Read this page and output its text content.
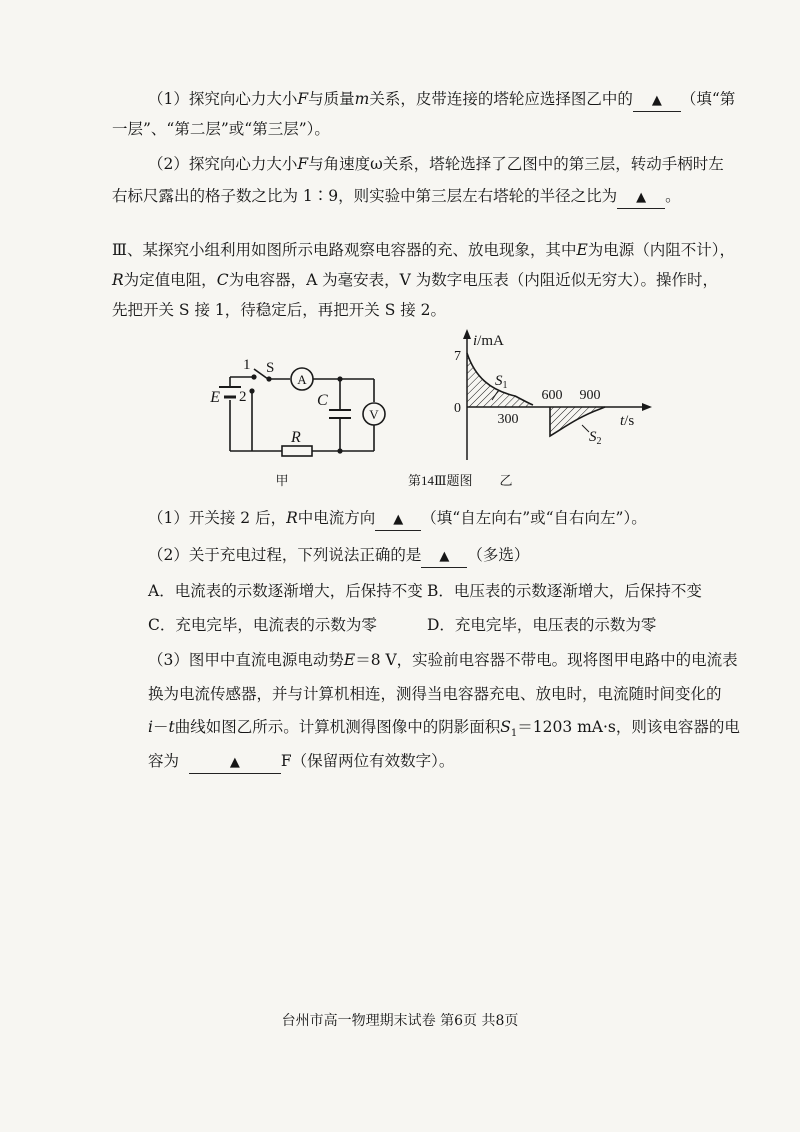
（1）探究向心力大小F与质量m关系，皮带连接的塔轮应选择图乙中的 ▲ （填“第
一层”、“第二层”或“第三层”）。
（2）探究向心力大小F与角速度ω关系，塔轮选择了乙图中的第三层，转动手柄时左
右标尺露出的格子数之比为 1∶9，则实验中第三层左右塔轮的半径之比为 ▲ 。
Ⅲ、某探究小组利用如图所示电路观察电容器的充、放电现象，其中E为电源（内阻不计），
R为定值电阻，C为电容器，A 为毫安表，V 为数字电压表（内阻近似无穷大）。操作时，
先把开关 S 接 1，待稳定后，再把开关 S 接 2。
E
1
2
S
A
V
C
R
甲	第14Ⅲ题图
i/mA
7
0
300
600 900
t/s
$S_1$
$S_2$
乙
（1）开关接 2 后，R中电流方向 ▲ （填“自左向右”或“自右向左”）。
（2）关于充电过程，下列说法正确的是 ▲ （多选）
A．电流表的示数逐渐增大，后保持不变 B．电压表的示数逐渐增大，后保持不变
C．充电完毕，电流表的示数为零	D．充电完毕，电压表的示数为零
（3）图甲中直流电源电动势E＝8 V，实验前电容器不带电。现将图甲电路中的电流表
换为电流传感器，并与计算机相连，测得当电容器充电、放电时，电流随时间变化的
i－t曲线如图乙所示。计算机测得图像中的阴影面积$S_1=1203$ mA·s，则该电容器的电
容为	▲	F（保留两位有效数字）。
台州市高一物理期末试卷 第6页 共8页
